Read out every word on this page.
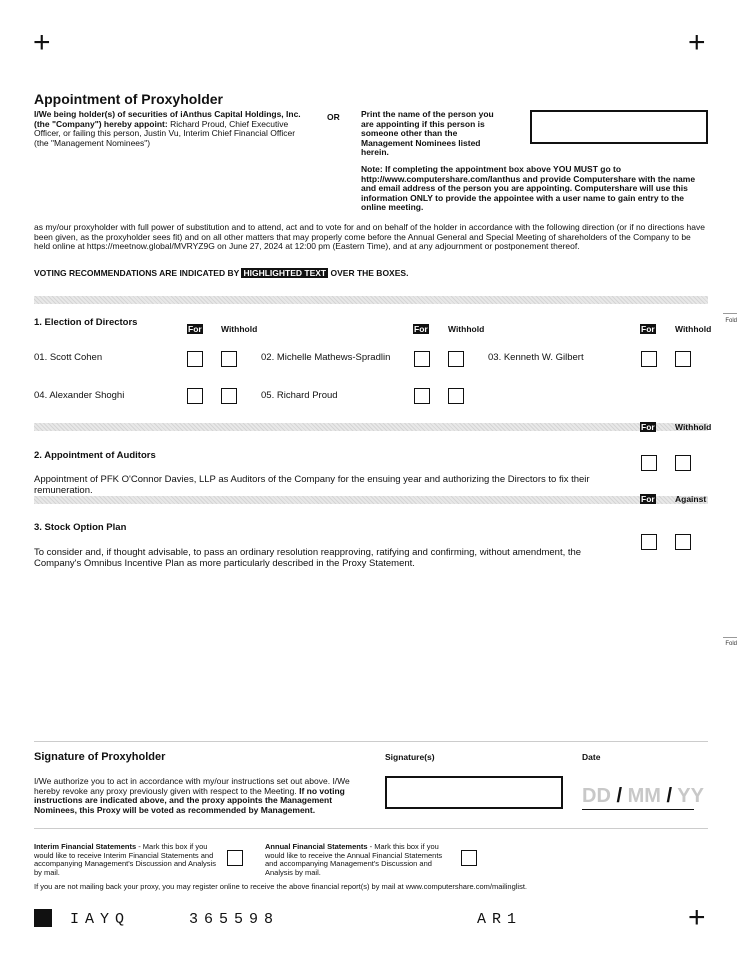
+	+
+
Appointment of Proxyholder
I/We being holder(s) of securities of iAnthus Capital Holdings, Inc. (the "Company") hereby appoint: Richard Proud, Chief Executive Officer, or failing this person, Justin Vu, Interim Chief Financial Officer (the "Management Nominees")
OR	Print the name of the person you are appointing if this person is someone other than the Management Nominees listed herein.
Note: If completing the appointment box above YOU MUST go to http://www.computershare.com/Ianthus and provide Computershare with the name and email address of the person you are appointing. Computershare will use this information ONLY to provide the appointee with a user name to gain entry to the online meeting.
as my/our proxyholder with full power of substitution and to attend, act and to vote for and on behalf of the holder in accordance with the following direction (or if no directions have been given, as the proxyholder sees fit) and on all other matters that may properly come before the Annual General and Special Meeting of shareholders of the Company to be held online at https://meetnow.global/MVRYZ9G on June 27, 2024 at 12:00 pm (Eastern Time), and at any adjournment or postponement thereof.
VOTING RECOMMENDATIONS ARE INDICATED BY HIGHLIGHTED TEXT OVER THE BOXES.
Fold
Fold
1. Election of Directors
For Withhold	For Withhold	For Withhold
01. Scott Cohen	02. Michelle Mathews-Spradlin	03. Kenneth W. Gilbert
04. Alexander Shoghi	05. Richard Proud
For Withhold
2. Appointment of Auditors
Appointment of PFK O'Connor Davies, LLP as Auditors of the Company for the ensuing year and authorizing the Directors to fix their remuneration.
For Against
3. Stock Option Plan
To consider and, if thought advisable, to pass an ordinary resolution reapproving, ratifying and confirming, without amendment, the Company's Omnibus Incentive Plan as more particularly described in the Proxy Statement.
Signature of Proxyholder
I/We authorize you to act in accordance with my/our instructions set out above. I/We hereby revoke any proxy previously given with respect to the Meeting. If no voting instructions are indicated above, and the proxy appoints the Management Nominees, this Proxy will be voted as recommended by Management.
Signature(s)	Date
DD / MM / YY
Interim Financial Statements - Mark this box if you would like to receive Interim Financial Statements and accompanying Management's Discussion and Analysis by mail.
Annual Financial Statements - Mark this box if you would like to receive the Annual Financial Statements and accompanying Management's Discussion and Analysis by mail.
If you are not mailing back your proxy, you may register online to receive the above financial report(s) by mail at www.computershare.com/mailinglist.
IAYQ	365598	AR1
